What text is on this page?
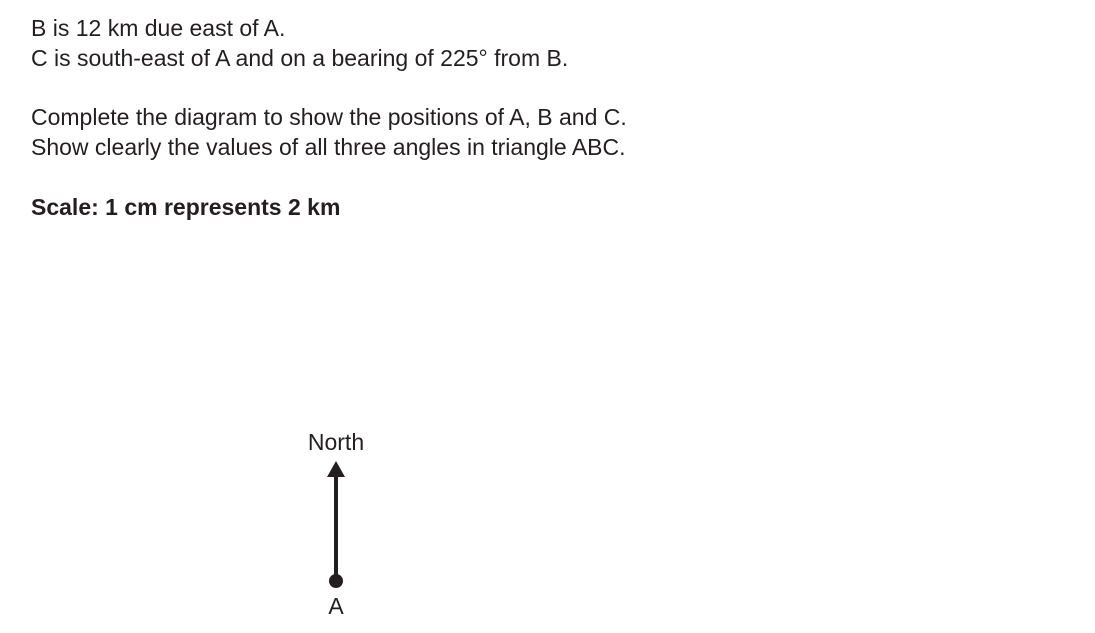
B is 12 km due east of A.
C is south-east of A and on a bearing of 225° from B.
Complete the diagram to show the positions of A, B and C.
Show clearly the values of all three angles in triangle ABC.
Scale: 1 cm represents 2 km
North
A
